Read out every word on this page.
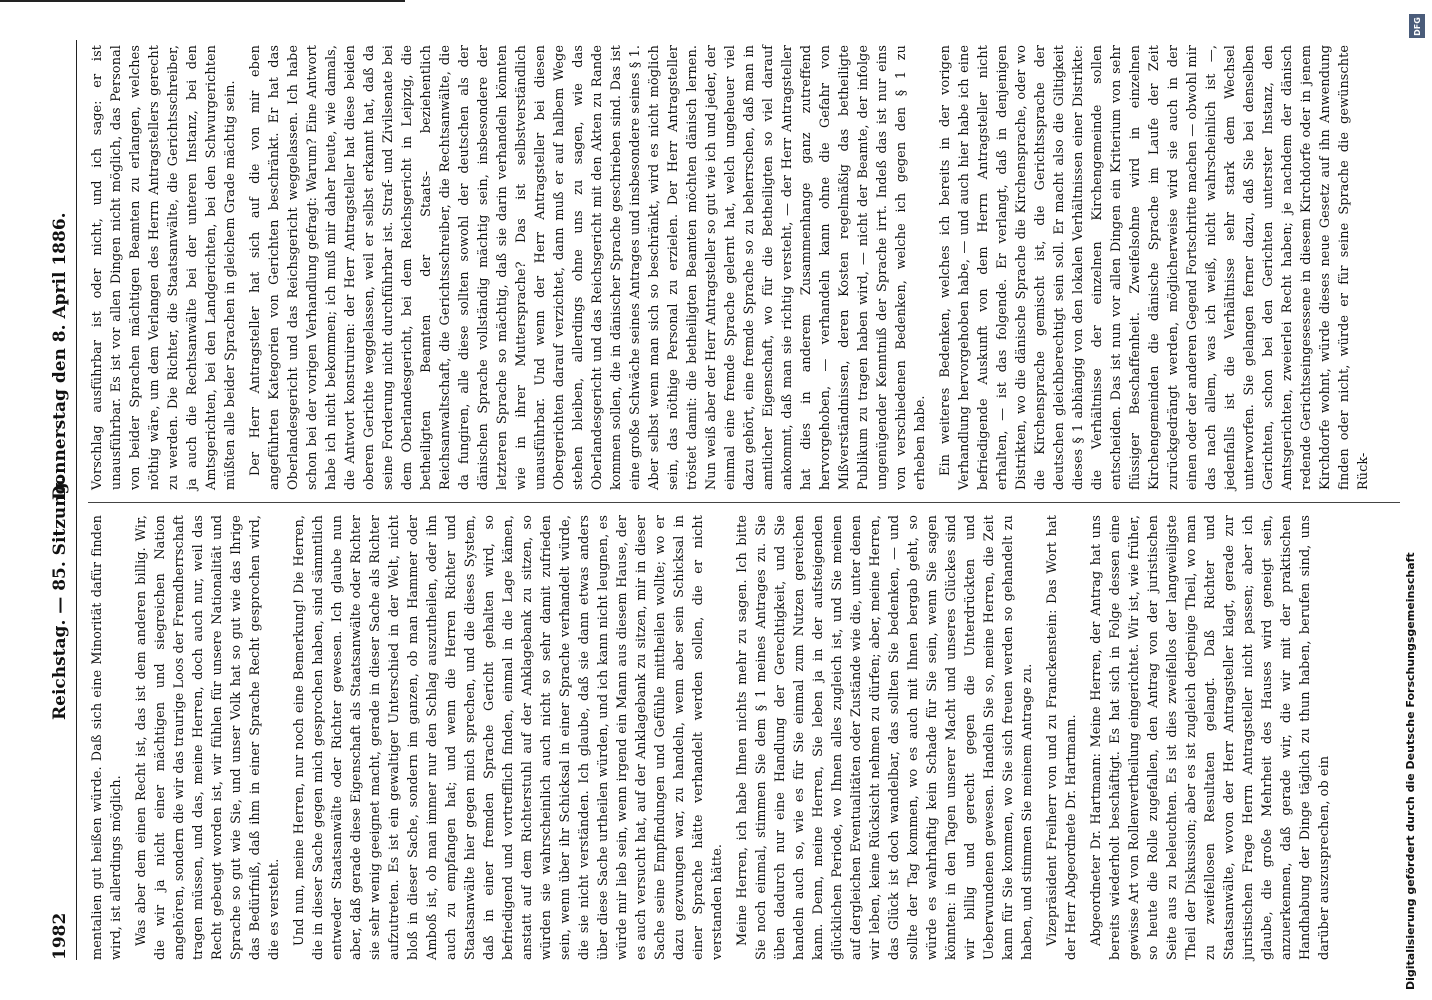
1982
Reichstag. — 85. Sitzung.
Donnerstag den 8. April 1886.

mentalien gut heißen würde. Daß sich eine Minorität dafür finden wird, ist allerdings möglich. Was aber dem einen Recht ist, das ist dem anderen billig. Wir, die wir ja nicht einer mächtigen und siegreichen Nation angehören, sondern die wir das traurige Loos der Fremdherrschaft tragen müssen, und das, meine Herren, doch auch nur, weil das Recht gebeugt worden ist, wir fühlen für unsere Nationalität und Sprache so gut wie Sie, und unser Volk hat so gut wie das Ihrige das Bedürfniß, daß ihm in einer Sprache Recht gesprochen wird, die es versteht. Und nun, meine Herren, nur noch eine Bemerkung! Die Herren, die in dieser Sache gegen mich gesprochen haben, sind sämmtlich entweder Staatsanwälte oder Richter gewesen. Ich glaube nun aber, daß gerade diese Eigenschaft als Staatsanwälte oder Richter sie sehr wenig geeignet macht, gerade in dieser Sache als Richter aufzutreten. Es ist ein gewaltiger Unterschied in der Welt, nicht bloß in dieser Sache, sondern im ganzen, ob man Hammer oder Amboß ist, ob man immer nur den Schlag auszutheilen, oder ihn auch zu empfangen hat; und wenn die Herren Richter und Staatsanwälte hier gegen mich sprechen, und die dieses System, daß in einer fremden Sprache Gericht gehalten wird, so befriedigend und vortrefflich finden, einmal in die Lage kämen, anstatt auf dem Richterstuhl auf der Anklagebank zu sitzen, so würden sie wahrscheinlich auch nicht so sehr damit zufrieden sein, wenn über ihr Schicksal in einer Sprache verhandelt würde, die sie nicht verständen. Ich glaube, daß sie dann etwas anders über diese Sache urtheilen würden, und ich kann nicht leugnen, es würde mir lieb sein, wenn irgend ein Mann aus diesem Hause, der es auch versucht hat, auf der Anklagebank zu sitzen, mir in dieser Sache seine Empfindungen und Gefühle mittheilen wollte; wo er dazu gezwungen war, zu handeln, wenn aber sein Schicksal in einer Sprache hätte verhandelt werden sollen, die er nicht verstanden hätte. Meine Herren, ich habe Ihnen nichts mehr zu sagen. Ich bitte Sie noch einmal, stimmen Sie dem § 1 meines Antrages zu. Sie üben dadurch nur eine Handlung der Gerechtigkeit, und Sie handeln auch so, wie es für Sie einmal zum Nutzen gereichen kann. Denn, meine Herren, Sie leben ja in der aufsteigenden glücklichen Periode, wo Ihnen alles zugleich ist, und Sie meinen auf dergleichen Eventualitäten oder Zustände wie die, unter denen wir leben, keine Rücksicht nehmen zu dürfen; aber, meine Herren, das Glück ist doch wandelbar, das sollten Sie bedenken, — und sollte der Tag kommen, wo es auch mit Ihnen bergab geht, so würde es wahrhaftig kein Schade für Sie sein, wenn Sie sagen könnten: in den Tagen unserer Macht und unseres Glückes sind wir billig und gerecht gegen die Unterdrückten und Ueberwundenen gewesen. Handeln Sie so, meine Herren, die Zeit kann für Sie kommen, wo Sie sich freuen werden so gehandelt zu haben, und stimmen Sie meinem Antrage zu. Vizepräsident Freiherr von und zu Franckenstein: Das Wort hat der Herr Abgeordnete Dr. Hartmann. Abgeordneter Dr. Hartmann: Meine Herren, der Antrag hat uns bereits wiederholt beschäftigt. Es hat sich in Folge dessen eine gewisse Art von Rollenvertheilung eingerichtet. Wir ist, wie früher, so heute die Rolle zugefallen, den Antrag von der juristischen Seite aus zu beleuchten. Es ist dies zweifellos der langweiligste Theil der Diskussion; aber es ist zugleich derjenige Theil, wo man zu zweifellosen Resultaten gelangt. Daß Richter und Staatsanwälte, wovon der Herr Antragsteller klagt, gerade zur juristischen Frage Herrn Antragsteller nicht passen; aber ich glaube, die große Mehrheit des Hauses wird geneigt sein, anzuerkennen, daß gerade wir, die wir mit der praktischen Handhabung der Dinge täglich zu thun haben, berufen sind, uns darüber auszusprechen, ob ein

Vorschlag ausführbar ist oder nicht, und ich sage: er ist unausführbar. Es ist vor allen Dingen nicht möglich, das Personal von beider Sprachen mächtigen Beamten zu erlangen, welches nöthig wäre, um dem Verlangen des Herrn Antragstellers gerecht zu werden. Die Richter, die Staatsanwälte, die Gerichtsschreiber, ja auch die Rechtsanwälte bei der unteren Instanz, bei den Amtsgerichten, bei den Landgerichten, bei den Schwurgerichten müßten alle beider Sprachen in gleichem Grade mächtig sein. Der Herr Antragsteller hat sich auf die von mir eben angeführten Kategorien von Gerichten beschränkt. Er hat das Oberlandesgericht und das Reichsgericht weggelassen. Ich habe schon bei der vorigen Verhandlung gefragt: Warum? Eine Antwort habe ich nicht bekommen; ich muß mir daher heute, wie damals, die Antwort konstruiren: der Herr Antragsteller hat diese beiden oberen Gerichte weggelassen, weil er selbst erkannt hat, daß da seine Forderung nicht durchführbar ist. Straf- und Zivilsenate bei dem Oberlandesgericht, bei dem Reichsgericht in Leipzig, die betheiligten Beamten der Staats- beziehentlich Reichsanwaltschaft, die Gerichtsschreiber, die Rechtsanwälte, die da fungiren, alle diese sollten sowohl der deutschen als der dänischen Sprache vollständig mächtig sein, insbesondere der letzteren Sprache so mächtig, daß sie darin verhandeln könnten wie in ihrer Muttersprache? Das ist selbstverständlich unausführbar. Und wenn der Herr Antragsteller bei diesen Obergerichten darauf verzichtet, dann muß er auf halbem Wege stehen bleiben, allerdings ohne uns zu sagen, wie das Oberlandesgericht und das Reichsgericht mit den Akten zu Rande kommen sollen, die in dänischer Sprache geschrieben sind. Das ist eine große Schwäche seines Antrages und insbesondere seines § 1. Aber selbst wenn man sich so beschränkt, wird es nicht möglich sein, das nöthige Personal zu erzielen. Der Herr Antragsteller tröstet damit: die betheiligten Beamten möchten dänisch lernen. Nun weiß aber der Herr Antragsteller so gut wie ich und jeder, der einmal eine fremde Sprache gelernt hat, welch ungeheuer viel dazu gehört, eine fremde Sprache so zu beherrschen, daß man in amtlicher Eigenschaft, wo für die Betheiligten so viel darauf ankommt, daß man sie richtig versteht, — der Herr Antragsteller hat dies in anderem Zusammenhange ganz zutreffend hervorgehoben, — verhandeln kann ohne die Gefahr von Mißverständnissen, deren Kosten regelmäßig das betheiligte Publikum zu tragen haben wird, — nicht der Beamte, der infolge ungenügender Kenntniß der Sprache irrt. Indeß das ist nur eins von verschiedenen Bedenken, welche ich gegen den § 1 zu erheben habe. Ein weiteres Bedenken, welches ich bereits in der vorigen Verhandlung hervorgehoben habe, — und auch hier habe ich eine befriedigende Auskunft von dem Herrn Antragsteller nicht erhalten, — ist das folgende. Er verlangt, daß in denjenigen Distrikten, wo die dänische Sprache die Kirchensprache, oder wo die Kirchensprache gemischt ist, die Gerichtssprache der deutschen gleichberechtigt sein soll. Er macht also die Giltigkeit dieses § 1 abhängig von den lokalen Verhältnissen einer Distrikte: die Verhältnisse der einzelnen Kirchengemeinde sollen entscheiden. Das ist nun vor allen Dingen ein Kriterium von sehr flüssiger Beschaffenheit. Zweifelsohne wird in einzelnen Kirchengemeinden die dänische Sprache im Laufe der Zeit zurückgedrängt werden, möglicherweise wird sie auch in der einen oder der anderen Gegend Fortschritte machen — obwohl mir das nach allem, was ich weiß, nicht wahrscheinlich ist —, jedenfalls ist die Verhältnisse sehr stark dem Wechsel unterworfen. Sie gelangen ferner dazu, daß Sie bei denselben Gerichten, schon bei den Gerichten unterster Instanz, den Amtsgerichten, zweierlei Recht haben; je nachdem der dänisch redende Gerichtseingesessene in diesem Kirchdorfe oder in jenem Kirchdorfe wohnt, würde dieses neue Gesetz auf ihn Anwendung finden oder nicht, würde er für seine Sprache die gewünschte Rück-

DFG
Digitalisierung gefördert durch die Deutsche Forschungsgemeinschaft
